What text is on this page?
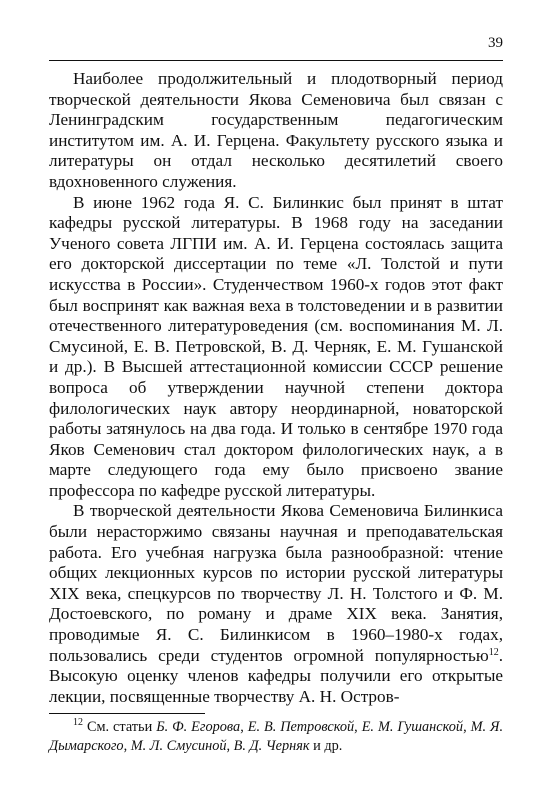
39

Наиболее продолжительный и плодотворный период творческой деятельности Якова Семеновича был связан с Ленинградским государственным педагогическим институтом им. А. И. Герцена. Факультету русского языка и литературы он отдал несколько десятилетий своего вдохновенного служения.

В июне 1962 года Я. С. Билинкис был принят в штат кафедры русской литературы. В 1968 году на заседании Ученого совета ЛГПИ им. А. И. Герцена состоялась защита его докторской диссертации по теме «Л. Толстой и пути искусства в России». Студенчеством 1960-х годов этот факт был воспринят как важная веха в толстоведении и в развитии отечественного литературоведения (см. воспоминания М. Л. Смусиной, Е. В. Петровской, В. Д. Черняк, Е. М. Гушанской и др.). В Высшей аттестационной комиссии СССР решение вопроса об утверждении научной степени доктора филологических наук автору неординарной, новаторской работы затянулось на два года. И только в сентябре 1970 года Яков Семенович стал доктором филологических наук, а в марте следующего года ему было присвоено звание профессора по кафедре русской литературы.

В творческой деятельности Якова Семеновича Билинкиса были нерасторжимо связаны научная и преподавательская работа. Его учебная нагрузка была разнообразной: чтение общих лекционных курсов по истории русской литературы XIX века, спецкурсов по творчеству Л. Н. Толстого и Ф. М. Достоевского, по роману и драме XIX века. Занятия, проводимые Я. С. Билинкисом в 1960–1980-х годах, пользовались среди студентов огромной популярностью$^{12}$. Высокую оценку членов кафедры получили его открытые лекции, посвященные творчеству А. Н. Остров-

$^{12}$ См. статьи Б. Ф. Егорова, Е. В. Петровской, Е. М. Гушанской, М. Я. Дымарского, М. Л. Смусиной, В. Д. Черняк и др.
